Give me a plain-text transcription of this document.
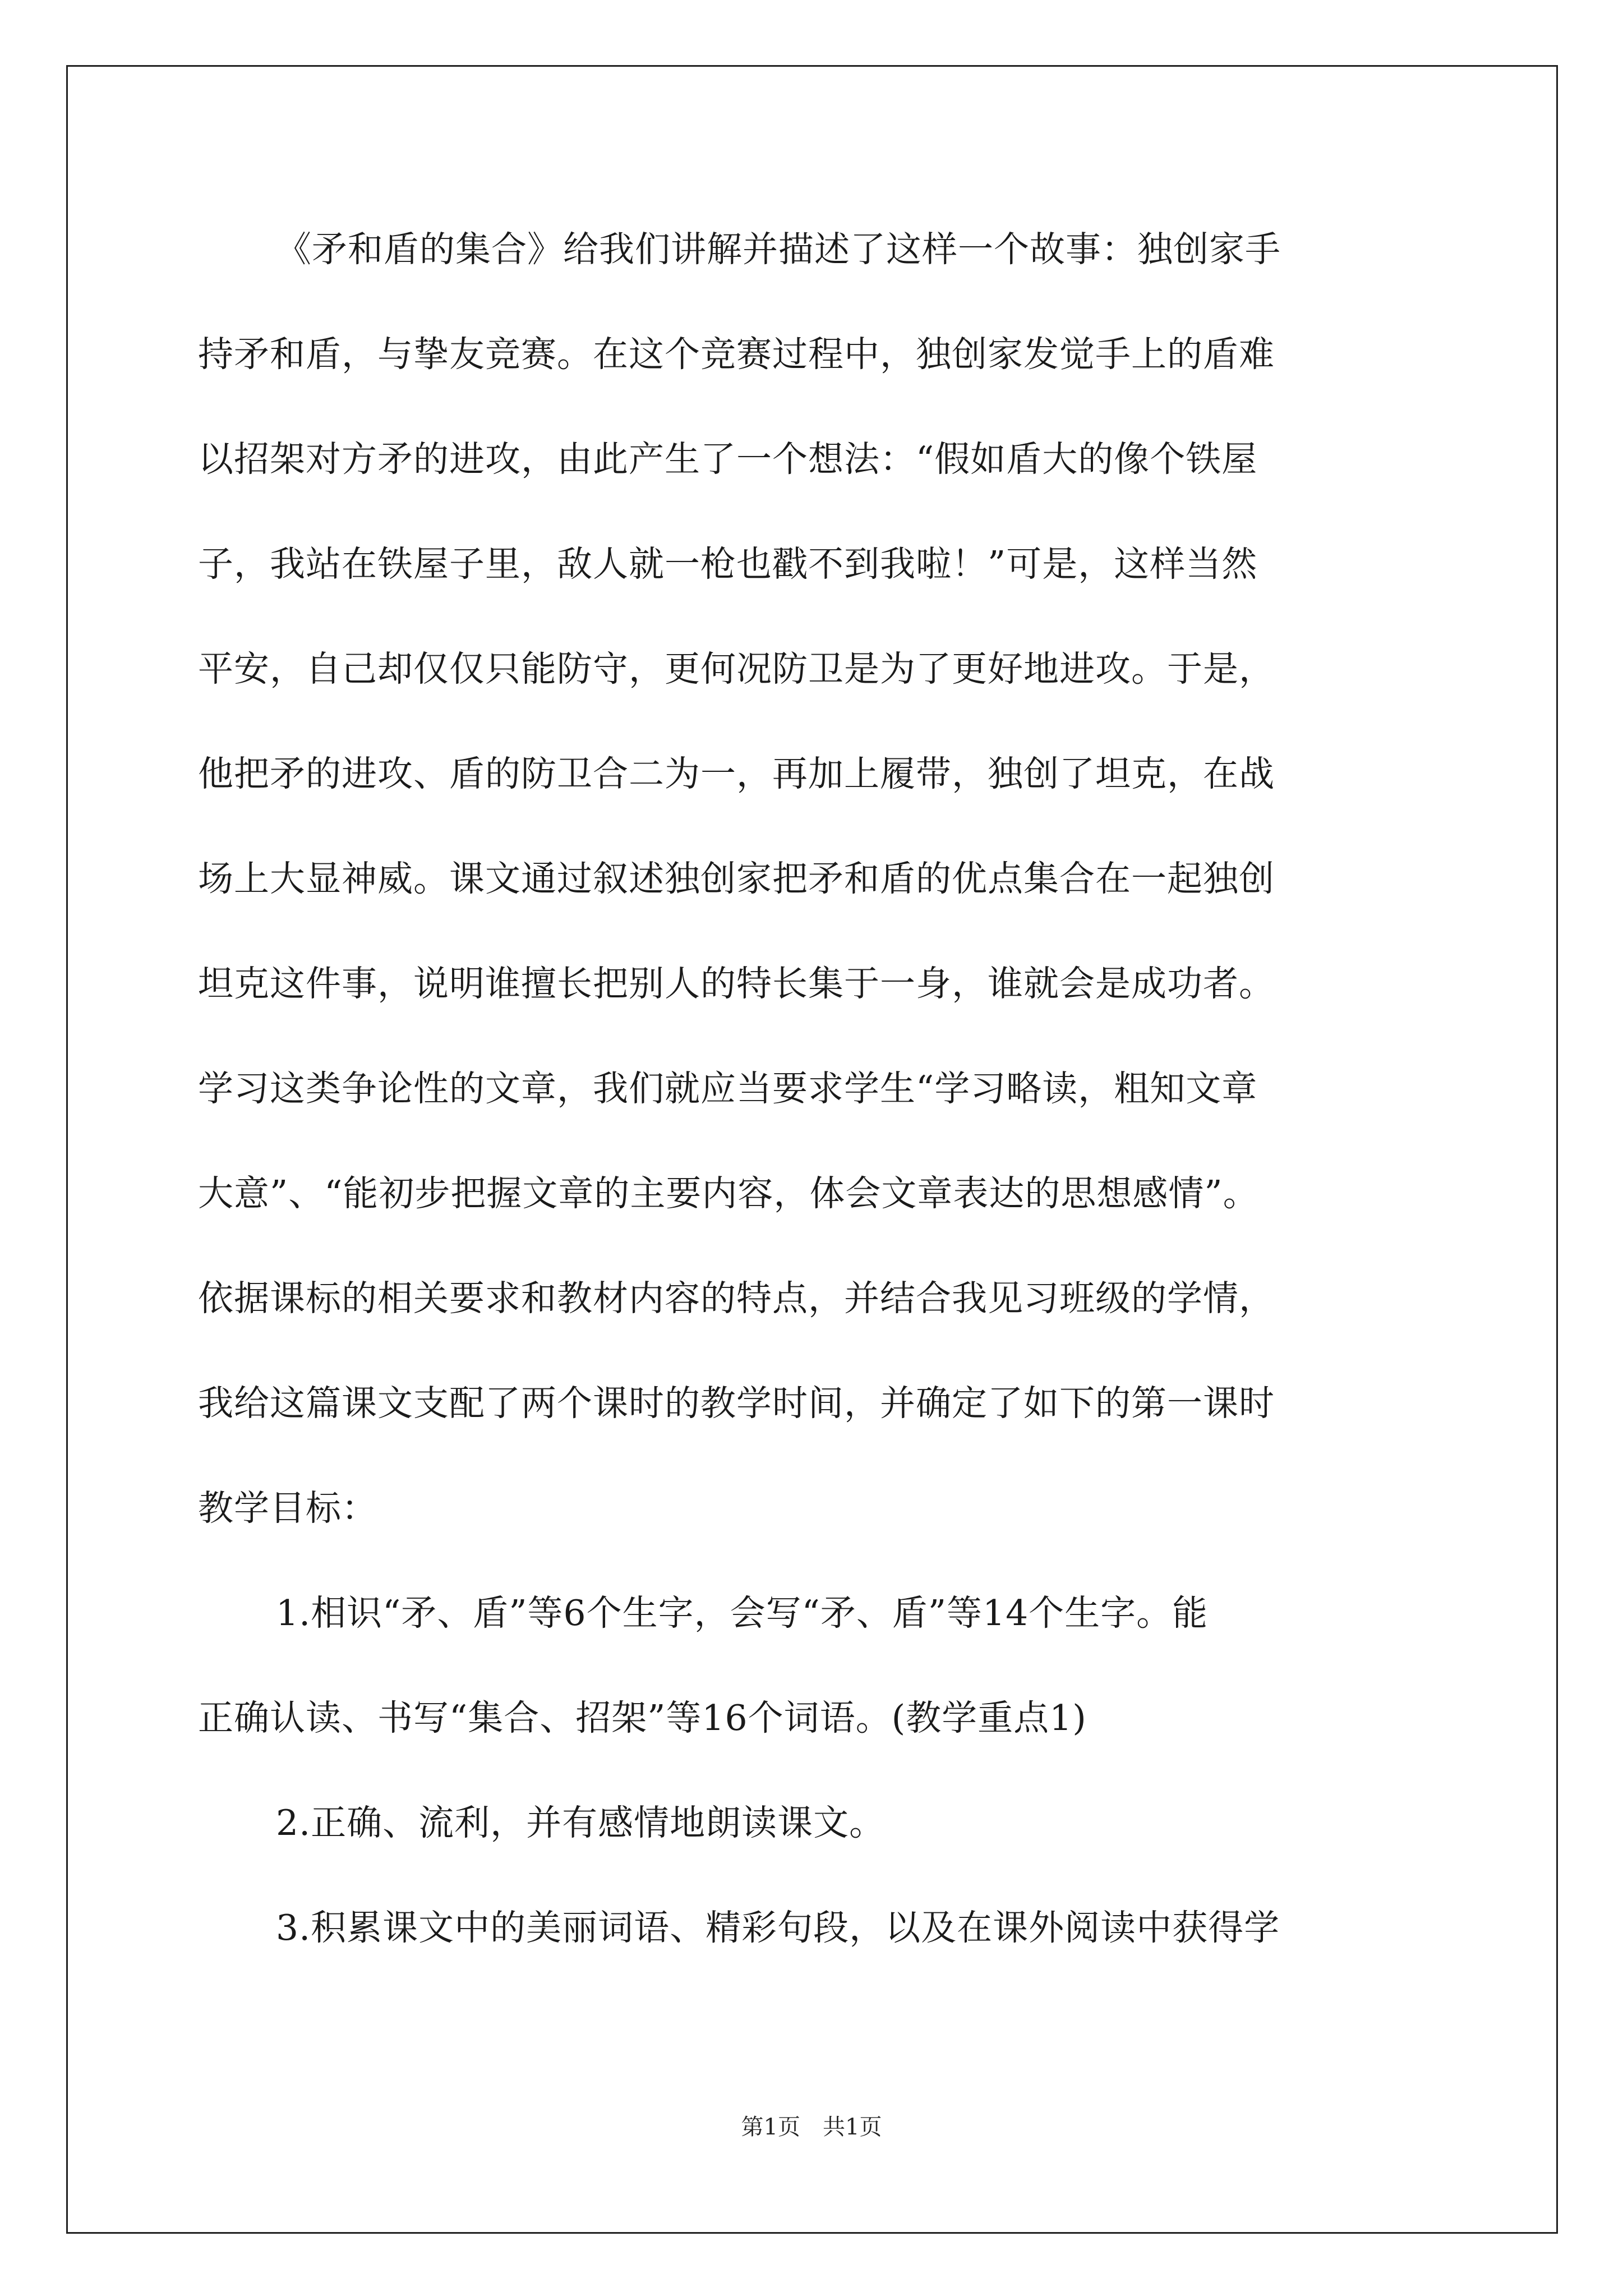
《矛和盾的集合》给我们讲解并描述了这样一个故事：独创家手
持矛和盾，与挚友竞赛。在这个竞赛过程中，独创家发觉手上的盾难
以招架对方矛的进攻，由此产生了一个想法：“假如盾大的像个铁屋
子，我站在铁屋子里，敌人就一枪也戳不到我啦！”可是，这样当然
平安，自己却仅仅只能防守，更何况防卫是为了更好地进攻。于是，
他把矛的进攻、盾的防卫合二为一，再加上履带，独创了坦克，在战
场上大显神威。课文通过叙述独创家把矛和盾的优点集合在一起独创
坦克这件事，说明谁擅长把别人的特长集于一身，谁就会是成功者。
学习这类争论性的文章，我们就应当要求学生“学习略读，粗知文章
大意”、“能初步把握文章的主要内容，体会文章表达的思想感情”。
依据课标的相关要求和教材内容的特点，并结合我见习班级的学情，
我给这篇课文支配了两个课时的教学时间，并确定了如下的第一课时
教学目标：
1.相识“矛、盾”等6个生字，会写“矛、盾”等14个生字。能
正确认读、书写“集合、招架”等16个词语。(教学重点1)
2.正确、流利，并有感情地朗读课文。
3.积累课文中的美丽词语、精彩句段，以及在课外阅读中获得学
第1页　共1页
